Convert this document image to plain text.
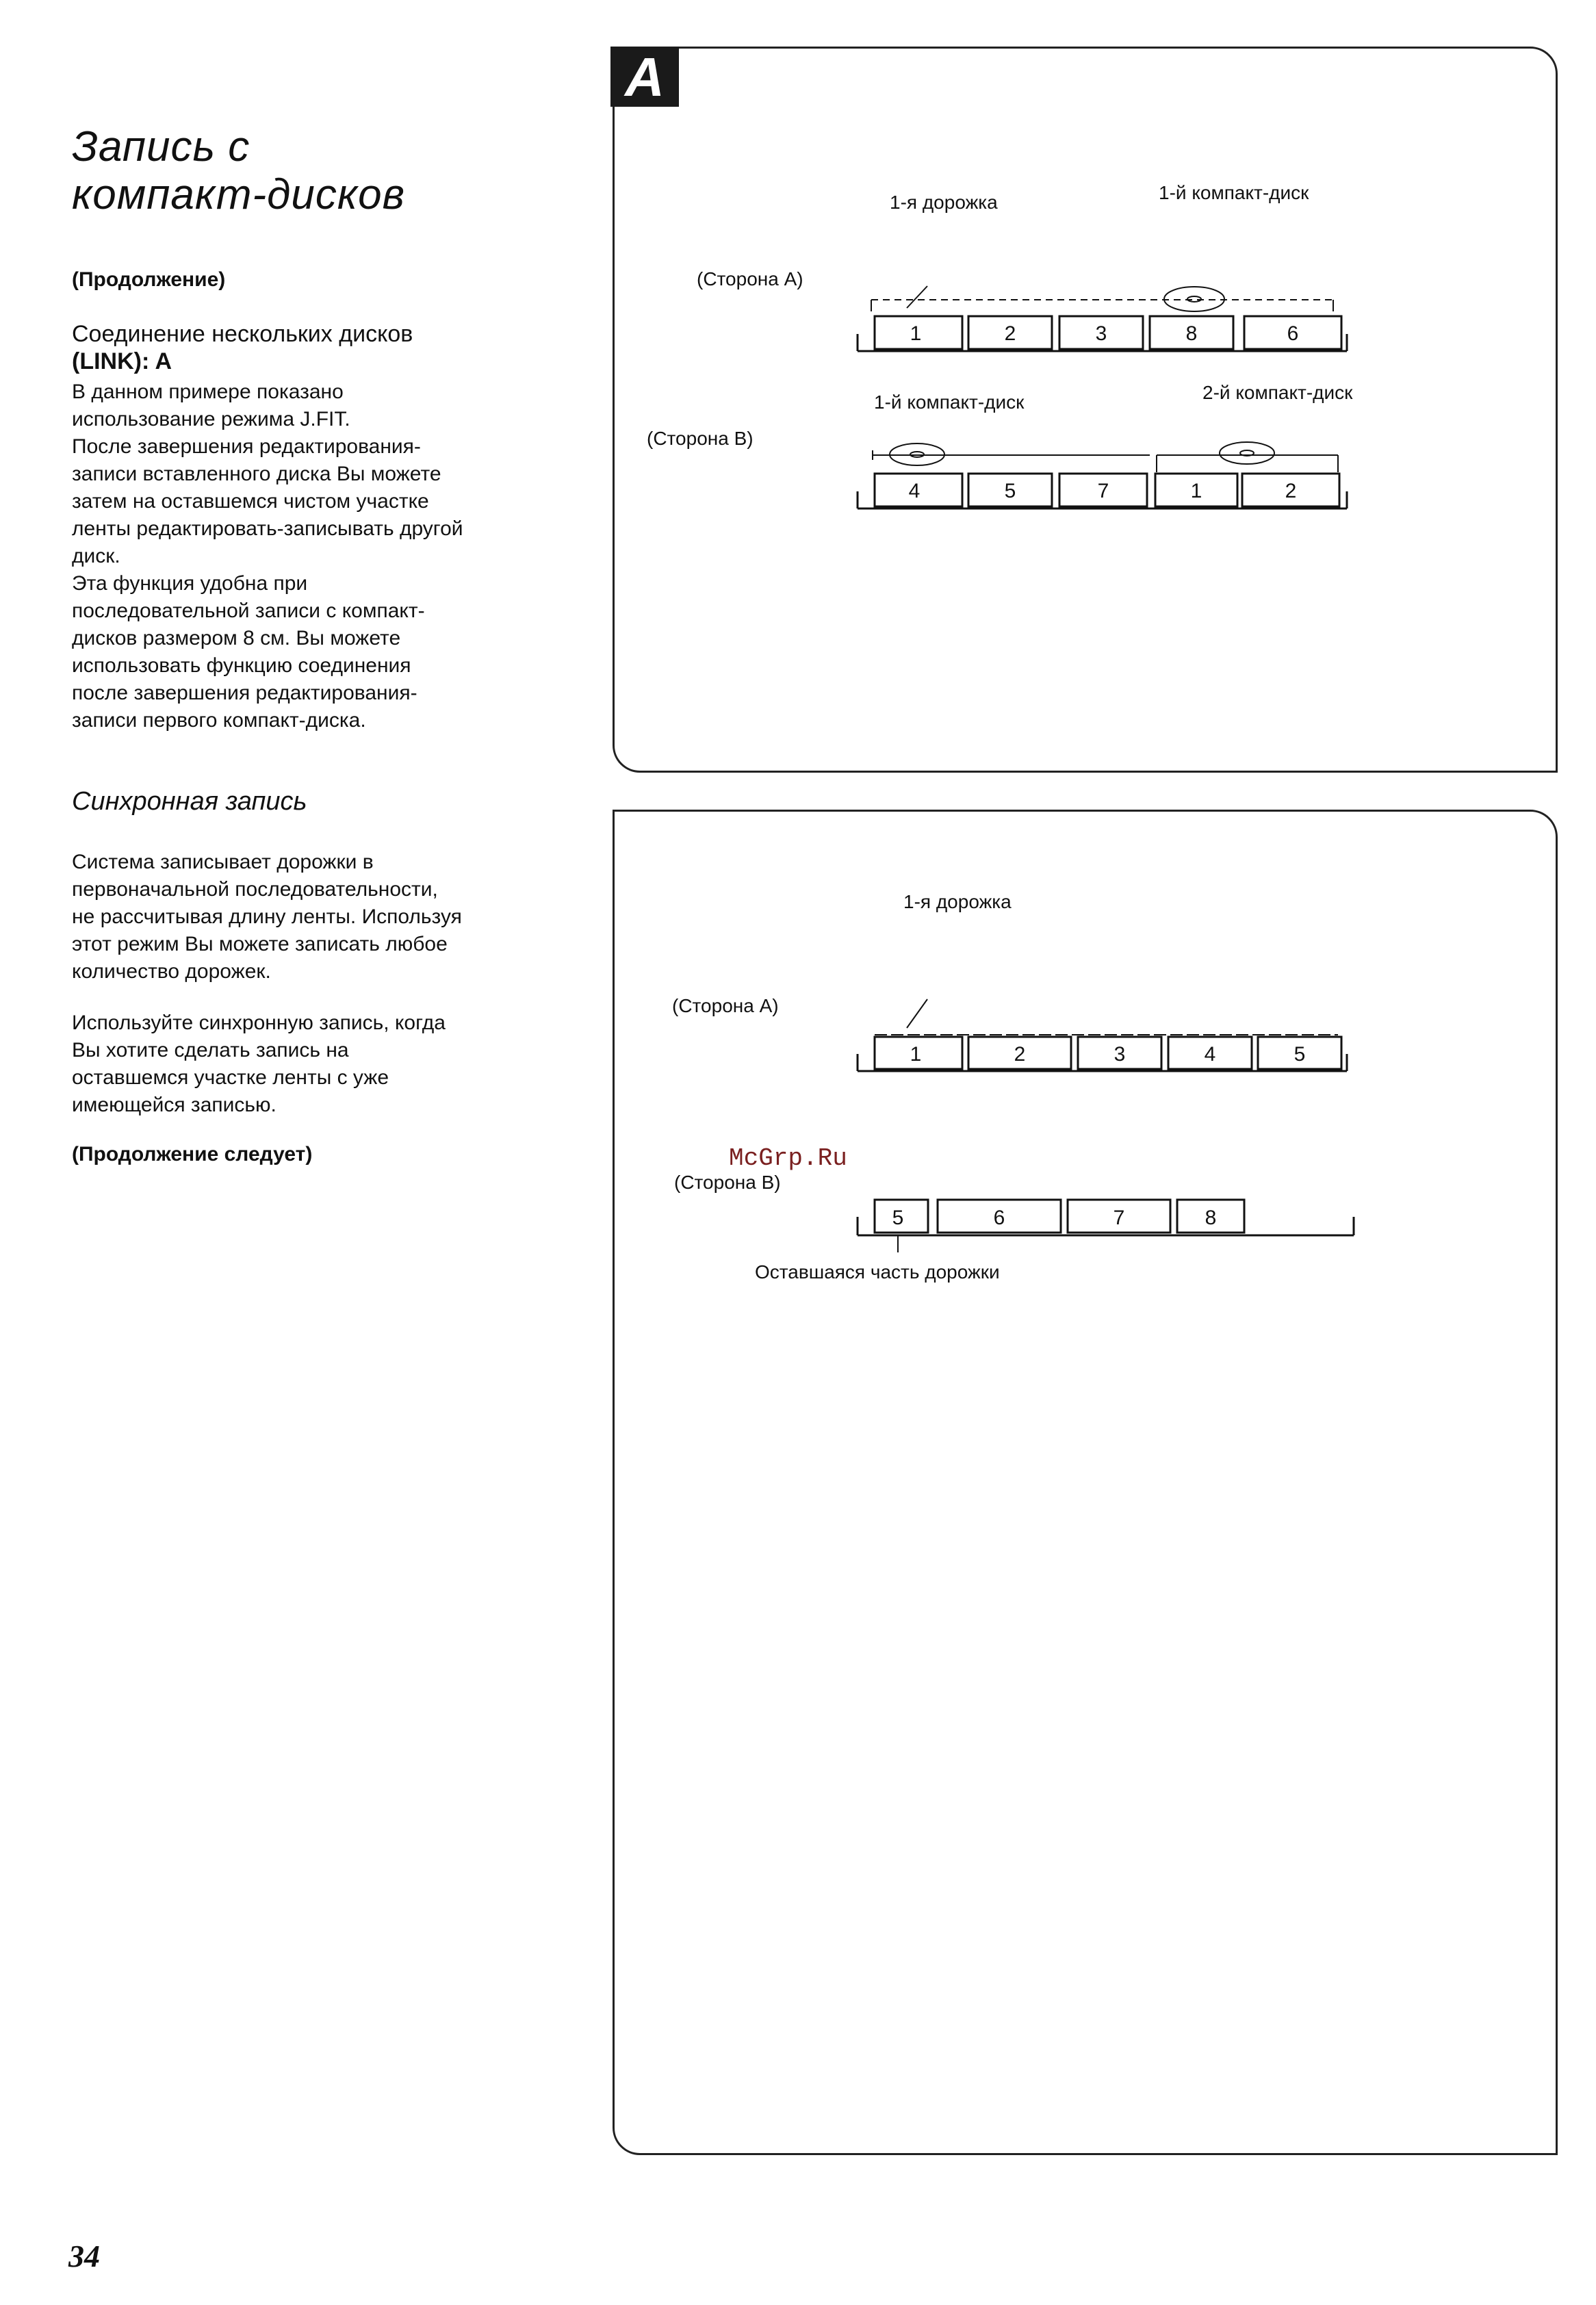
Запись с
компакт-дисков
(Продолжение)
Соединение нескольких дисков
(LINK): A
В данном примере показано
использование режима J.FIT.
После завершения редактирования-
записи вставленного диска Вы можете
затем на оставшемся чистом участке
ленты редактировать-записывать другой
диск.
Эта функция удобна при
последовательной записи с компакт-
дисков размером 8 см. Вы можете
использовать функцию соединения
после завершения редактирования-
записи первого компакт-диска.
Синхронная запись
Система записывает дорожки в
первоначальной последовательности,
не рассчитывая длину ленты. Используя
этот режим Вы можете записать любое
количество дорожек.
Используйте синхронную запись, когда
Вы хотите сделать запись на
оставшемся участке ленты с уже
имеющейся записью.
(Продолжение следует)
34
A
1-я дорожка	1-й компакт-диск
(Сторона A)
1-й компакт-диск	2-й компакт-диск
(Сторона B)
1	2	3	8	6
4	5	7	1	2
1	2	3	4	5
5	6	7	8
1-я дорожка
(Сторона A)
McGrp.Ru
(Сторона B)
Оставшаяся часть дорожки
